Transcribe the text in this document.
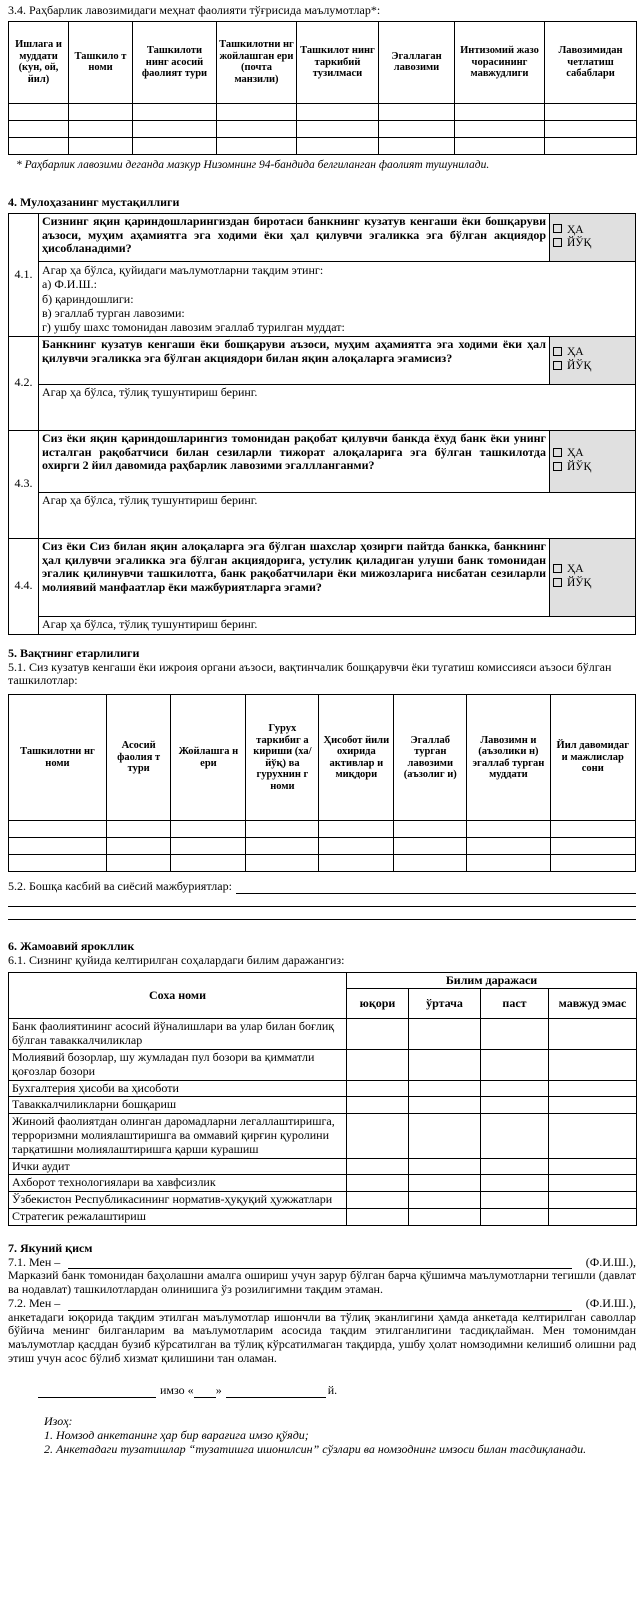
3.4. Раҳбарлик лавозимидаги меҳнат фаолияти тўғрисида маълумотлар*:
Ишлага и муддати (кун, ой, йил)	Ташкило т номи	Ташкилоти нинг асосий фаолият тури	Ташкилотни нг жойлашган ери (почта манзили)	Ташкилот нинг таркибий тузилмаси	Эгаллаган лавозими	Интизомий жазо чорасининг мавжудлиги	Лавозимидан четлатиш сабаблари

* Раҳбарлик лавозими деганда мазкур Низомнинг 94-бандида белгиланган фаолият тушунилади.
4. Мулоҳазанинг мустақиллиги
4.1.	Сизнинг яқин қариндошларингиздан биротаси банкнинг кузатув кенгаши ёки бошқаруви аъзоси, муҳим аҳамиятга эга ходими ёки ҳал қилувчи эгаликка эга бўлган акциядор ҳисобланадими?	ҲА
ЙЎҚ

	Агар ҳа бўлса, қуйидаги маълумотларни тақдим этинг:
а) Ф.И.Ш.:
б) қариндошлиги:
в) эгаллаб турган лавозими:
г) ушбу шахс томонидан лавозим эгаллаб турилган муддат:	

4.2.	Банкнинг кузатув кенгаши ёки бошқаруви аъзоси, муҳим аҳамиятга эга ходими ёки ҳал қилувчи эгаликка эга бўлган акциядори билан яқин алоқаларга эгамисиз?	ҲА
ЙЎҚ

	Агар ҳа бўлса, тўлиқ тушунтириш беринг.	
4.3.	Сиз ёки яқин қариндошларингиз томонидан рақобат қилувчи банкда ёхуд банк ёки унинг исталган рақобатчиси билан сезиларли тижорат алоқаларига эга бўлган ташкилотда охирги 2 йил давомида раҳбарлик лавозими эгаллланганми?	ҲА
ЙЎҚ

	Агар ҳа бўлса, тўлиқ тушунтириш беринг.	
4.4.	Сиз ёки Сиз билан яқин алоқаларга эга бўлган шахслар ҳозирги пайтда банкка, банкнинг ҳал қилувчи эгаликка эга бўлган акциядорига, устулик қиладиган улуши банк томонидан эгалик қилинувчи ташкилотга, банк рақобатчилари ёки мижозларига нисбатан сезиларли молиявий манфаатлар ёки мажбуриятларга эгами?	ҲА
ЙЎҚ

	Агар ҳа бўлса, тўлиқ тушунтириш беринг.	
5. Вақтнинг етарлилиги
5.1. Сиз кузатув кенгаши ёки ижроия органи аъзоси, вақтинчалик бошқарувчи ёки тугатиш комиссияси аъзоси бўлган ташкилотлар:
Ташкилотни нг номи	Асосий фаолия т тури	Жойлашга н ери	Гурух таркибиг а кириши (ха/йўқ) ва гурухнин г номи	Ҳисобот йили охирида активлар и миқдори	Эгаллаб турган лавозими (аъзолиг и)	Лавозимн и (аъзолики н) эгаллаб турган муддати	Йил давомидаг и мажлислар сони

5.2. Бошқа касбий ва сиёсий мажбуриятлар:
6. Жамоавий ярокллик
6.1. Сизнинг қуйида келтирилган соҳалардаги билим даражангиз:
Соха номи	Билим даражаси			
	юқори	ўртача	паст	мавжуд эмас
Банк фаолиятининг асосий йўналишлари ва улар билан боғлиқ бўлган таваккалчиликлар				
Молиявий бозорлар, шу жумладан пул бозори ва қимматли қоғозлар бозори				
Бухгалтерия ҳисоби ва ҳисоботи				
Таваккалчиликларни бошқариш				
Жиноий фаолиятдан олинган даромадларни легаллаштиришга, терроризмни молиялаштиришга ва оммавий қирғин қуролини тарқатишни молиялаштиришга қарши курашиш				
Ички аудит				
Ахборот технологиялари ва хавфсизлик				
Ўзбекистон Республикасининг норматив-ҳуқуқий ҳужжатлари				
Стратегик режалаштириш				
7. Якуний қисм
7.1. Мен –	(Ф.И.Ш.),
Марказий банк томонидан баҳолашни амалга ошириш учун зарур бўлган барча қўшимча маълумотларни тегишли (давлат ва нодавлат) ташкилотлардан олинишига ўз розилигимни тақдим этаман.
7.2. Мен –	(Ф.И.Ш.),
анкетадаги юқорида тақдим этилган маълумотлар ишончли ва тўлиқ эканлигини ҳамда анкетада келтирилган саволлар бўйича менинг билганларим ва маълумотларим асосида тақдим этилганлигини тасдиқлайман. Мен томонимдан маълумотлар қасддан бузиб кўрсатилган ва тўлиқ кўрсатилмаган тақдирда, ушбу ҳолат номзодимни келишиб олишни рад этиш учун асос бўлиб хизмат қилишини тан оламан.
имзо « »	й.
Изоҳ:
1. Номзод анкетанинг ҳар бир варағига имзо қўяди;
2. Анкетадаги тузатишлар “тузатишга ишонилсин” сўзлари ва номзоднинг имзоси билан тасдиқланади.
